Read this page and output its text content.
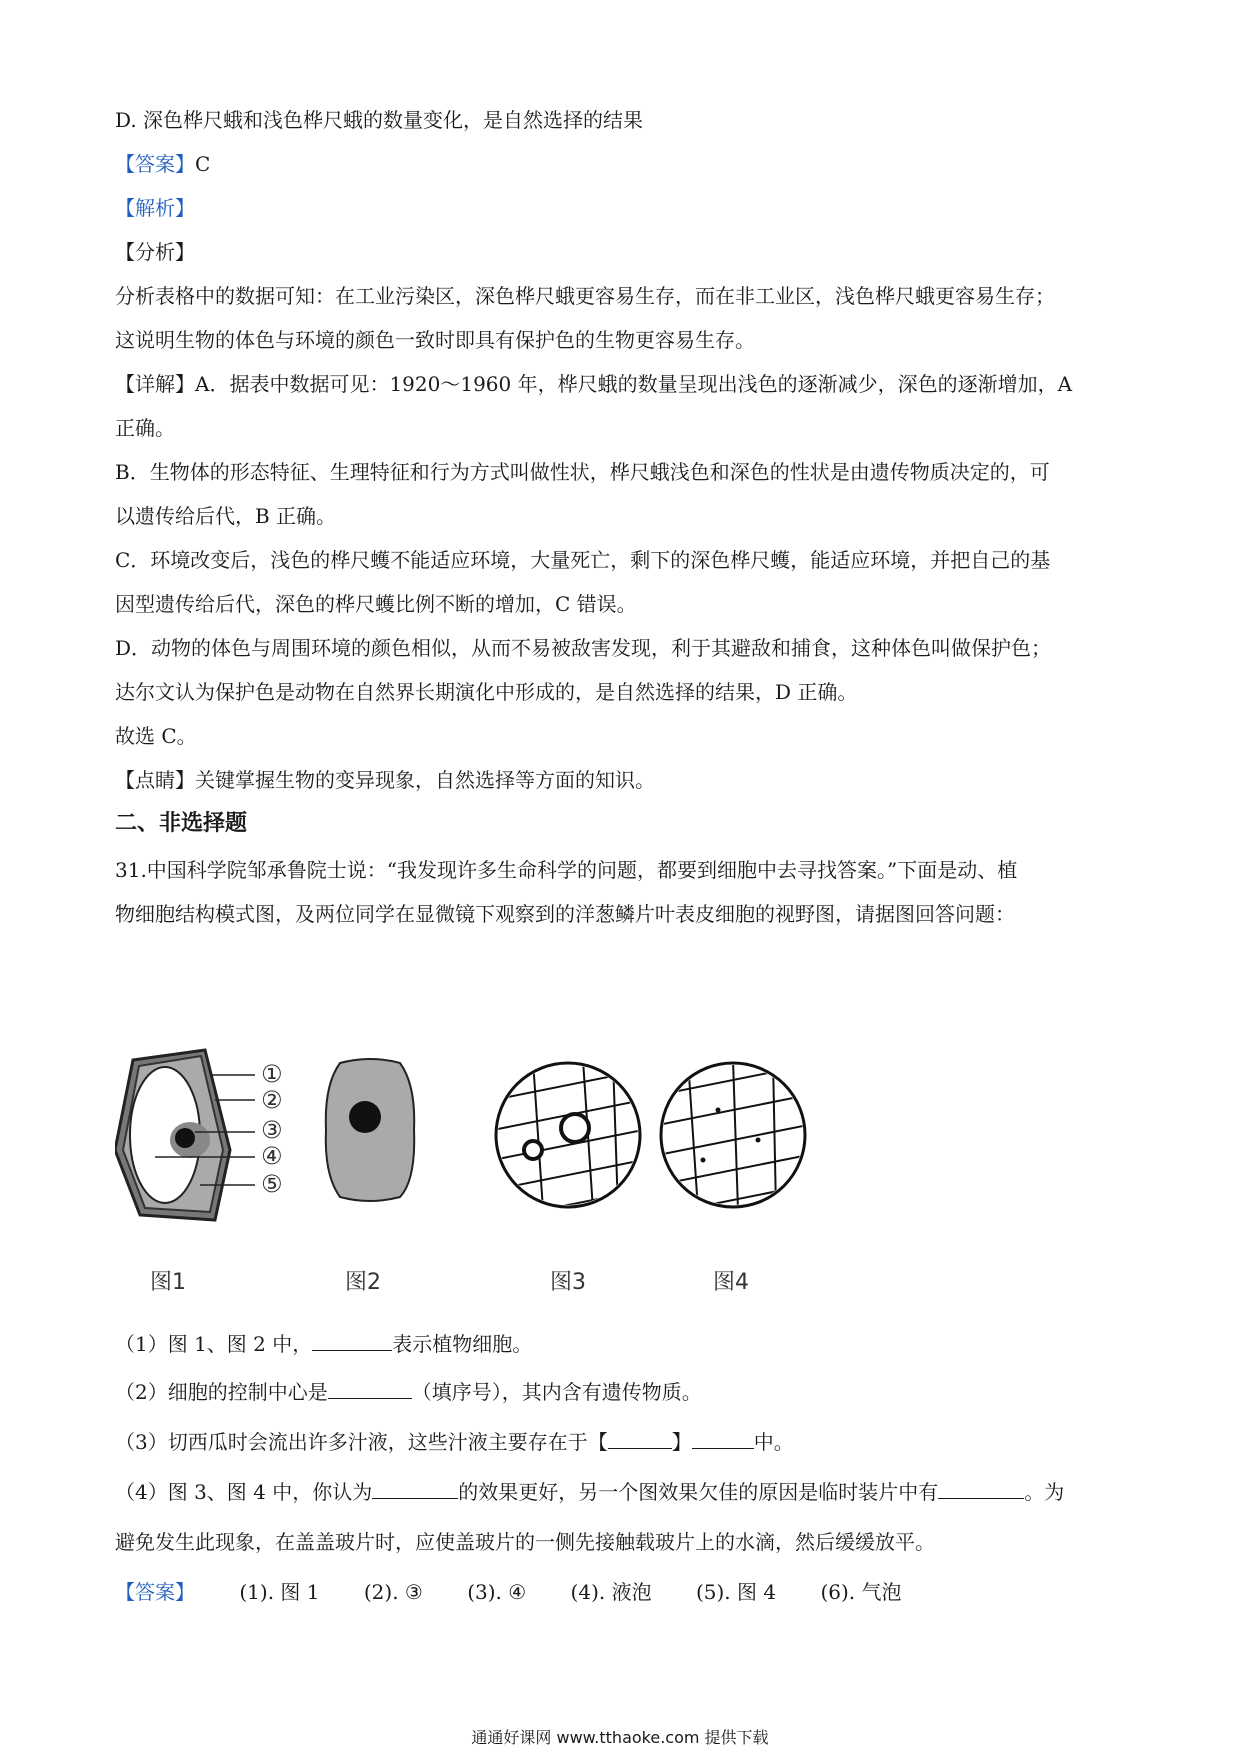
D. 深色桦尺蛾和浅色桦尺蛾的数量变化，是自然选择的结果
【答案】C
【解析】
【分析】
分析表格中的数据可知：在工业污染区，深色桦尺蛾更容易生存，而在非工业区，浅色桦尺蛾更容易生存；
这说明生物的体色与环境的颜色一致时即具有保护色的生物更容易生存。
【详解】A．据表中数据可见：1920～1960 年，桦尺蛾的数量呈现出浅色的逐渐减少，深色的逐渐增加，A
正确。
B．生物体的形态特征、生理特征和行为方式叫做性状，桦尺蛾浅色和深色的性状是由遗传物质决定的，可
以遗传给后代，B 正确。
C．环境改变后，浅色的桦尺蠖不能适应环境，大量死亡，剩下的深色桦尺蠖，能适应环境，并把自己的基
因型遗传给后代，深色的桦尺蠖比例不断的增加，C 错误。
D．动物的体色与周围环境的颜色相似，从而不易被敌害发现，利于其避敌和捕食，这种体色叫做保护色；
达尔文认为保护色是动物在自然界长期演化中形成的，是自然选择的结果，D 正确。
故选 C。
【点睛】关键掌握生物的变异现象，自然选择等方面的知识。
二、非选择题
31.中国科学院邹承鲁院士说：“我发现许多生命科学的问题，都要到细胞中去寻找答案。”下面是动、植
物细胞结构模式图，及两位同学在显微镜下观察到的洋葱鳞片叶表皮细胞的视野图，请据图回答问题：
①
②
③
④
⑤
图1	图2	图3	图4
（1）图 1、图 2 中，	表示植物细胞。
（2）细胞的控制中心是	（填序号），其内含有遗传物质。
（3）切西瓜时会流出许多汁液，这些汁液主要存在于【	】	中。
（4）图 3、图 4 中，你认为	的效果更好，另一个图效果欠佳的原因是临时装片中有	。为
避免发生此现象，在盖盖玻片时，应使盖玻片的一侧先接触载玻片上的水滴，然后缓缓放平。
【答案】 (1). 图 1 (2). ③ (3). ④ (4). 液泡 (5). 图 4 (6). 气泡
通通好课网 www.tthaoke.com 提供下载
